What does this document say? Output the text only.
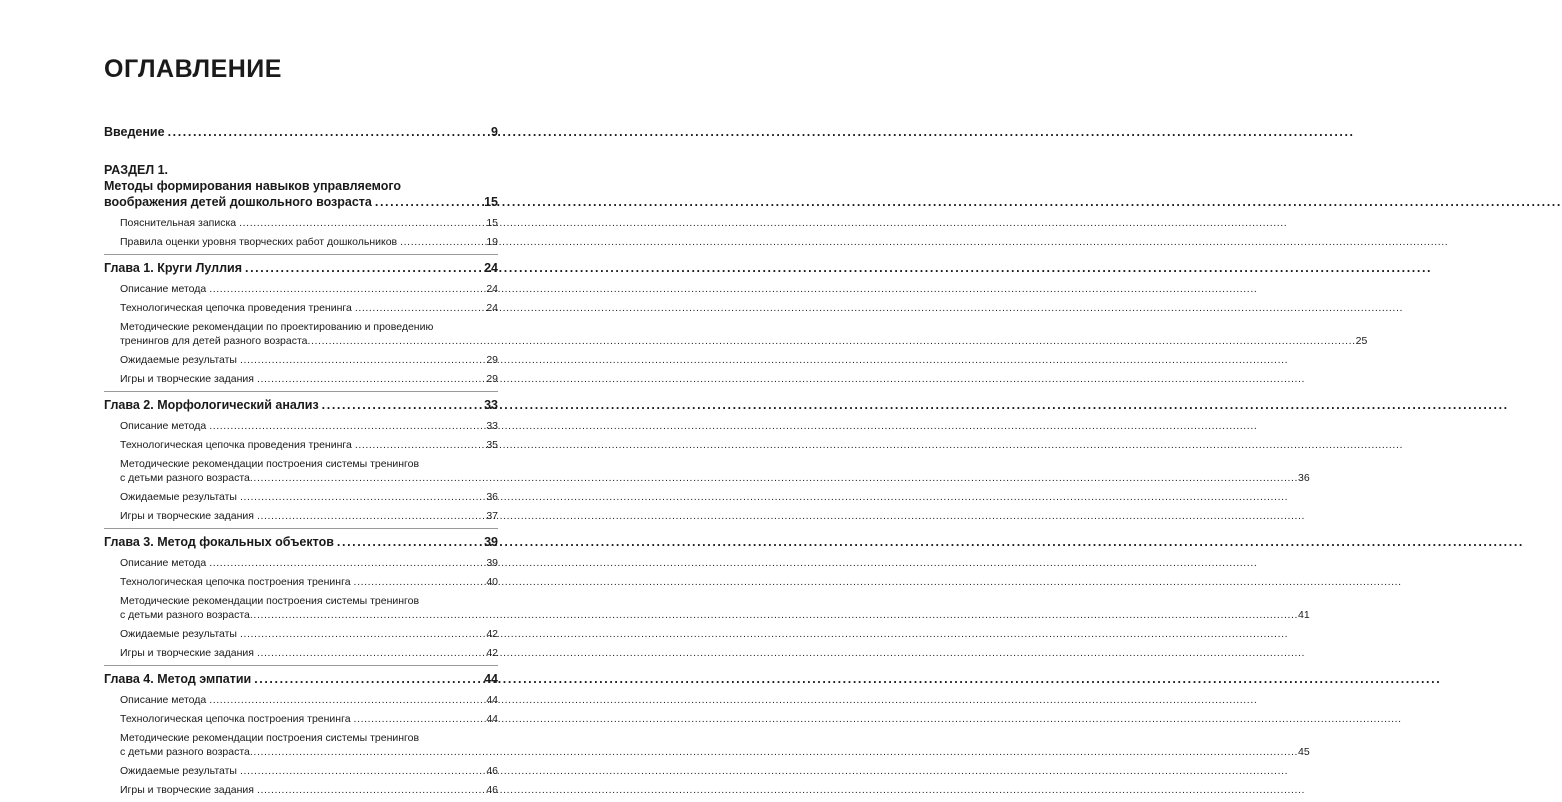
ОГЛАВЛЕНИЕ
Введение .....	9
РАЗДЕЛ 1.
Методы формирования навыков управляемого
воображения детей дошкольного возраста .....	15
Пояснительная записка .....	15
Правила оценки уровня творческих работ дошкольников .....	19
Глава 1. Круги Луллия .....	24
Описание метода .....	24
Технологическая цепочка проведения тренинга .....	24
Методические рекомендации по проектированию и проведению
тренингов для детей разного возраста .....	25
Ожидаемые результаты .....	29
Игры и творческие задания .....	29
Глава 2. Морфологический анализ .....	33
Описание метода .....	33
Технологическая цепочка проведения тренинга .....	35
Методические рекомендации построения системы тренингов
с детьми разного возраста .....	36
Ожидаемые результаты .....	36
Игры и творческие задания .....	37
Глава 3. Метод фокальных объектов .....	39
Описание метода .....	39
Технологическая цепочка построения тренинга .....	40
Методические рекомендации построения системы тренингов
с детьми разного возраста .....	41
Ожидаемые результаты .....	42
Игры и творческие задания .....	42
Глава 4. Метод эмпатии .....	44
Описание метода .....	44
Технологическая цепочка построения тренинга .....	44
Методические рекомендации построения системы тренингов
с детьми разного возраста .....	45
Ожидаемые результаты .....	46
Игры и творческие задания .....	46
